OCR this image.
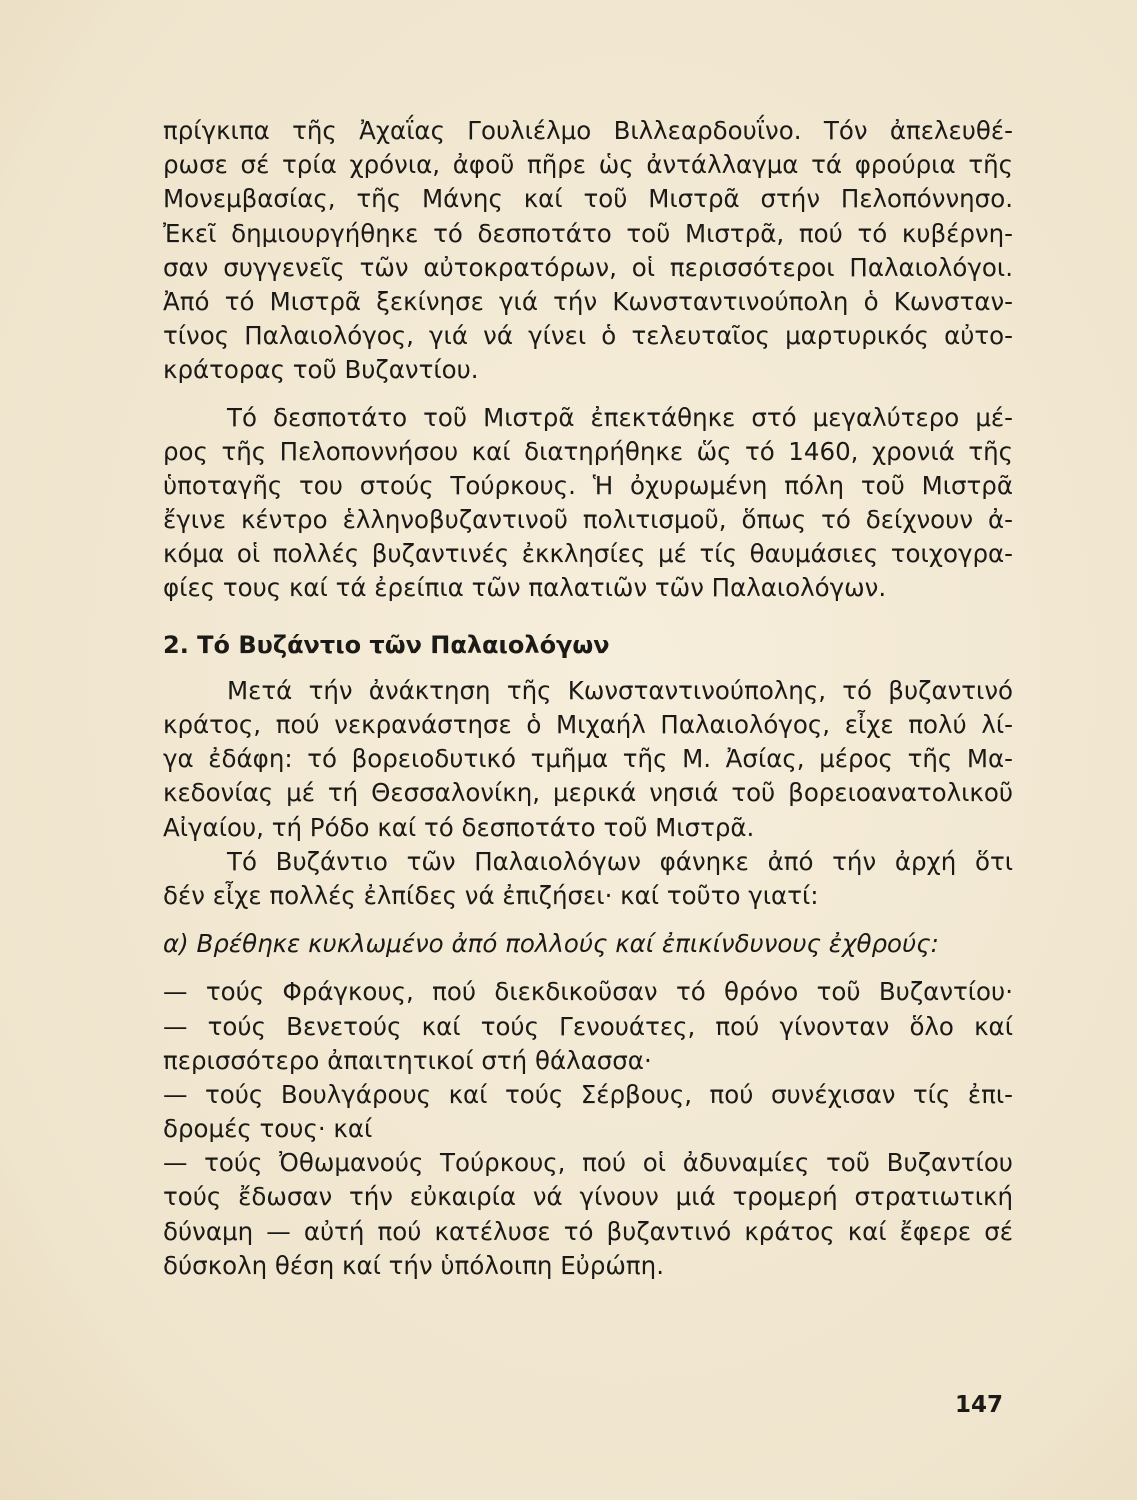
πρίγκιπα τῆς Ἀχαΐας Γουλιέλμο Βιλλεαρδουΐνο. Τόν ἀπελευθέ-
ρωσε σέ τρία χρόνια, ἀφοῦ πῆρε ὡς ἀντάλλαγμα τά φρούρια τῆς
Μονεμβασίας, τῆς Μάνης καί τοῦ Μιστρᾶ στήν Πελοπόννησο.
Ἐκεῖ δημιουργήθηκε τό δεσποτάτο τοῦ Μιστρᾶ, πού τό κυβέρνη-
σαν συγγενεῖς τῶν αὐτοκρατόρων, οἱ περισσότεροι Παλαιολόγοι.
Ἀπό τό Μιστρᾶ ξεκίνησε γιά τήν Κωνσταντινούπολη ὁ Κωνσταν-
τίνος Παλαιολόγος, γιά νά γίνει ὁ τελευταῖος μαρτυρικός αὐτο-
κράτορας τοῦ Βυζαντίου.
Τό δεσποτάτο τοῦ Μιστρᾶ ἐπεκτάθηκε στό μεγαλύτερο μέ-
ρος τῆς Πελοποννήσου καί διατηρήθηκε ὥς τό 1460, χρονιά τῆς
ὑποταγῆς του στούς Τούρκους. Ἡ ὀχυρωμένη πόλη τοῦ Μιστρᾶ
ἔγινε κέντρο ἑλληνοβυζαντινοῦ πολιτισμοῦ, ὅπως τό δείχνουν ἀ-
κόμα οἱ πολλές βυζαντινές ἐκκλησίες μέ τίς θαυμάσιες τοιχογρα-
φίες τους καί τά ἐρείπια τῶν παλατιῶν τῶν Παλαιολόγων.
2. Τό Βυζάντιο τῶν Παλαιολόγων
Μετά τήν ἀνάκτηση τῆς Κωνσταντινούπολης, τό βυζαντινό
κράτος, πού νεκρανάστησε ὁ Μιχαήλ Παλαιολόγος, εἶχε πολύ λί-
γα ἐδάφη: τό βορειοδυτικό τμῆμα τῆς Μ. Ἀσίας, μέρος τῆς Μα-
κεδονίας μέ τή Θεσσαλονίκη, μερικά νησιά τοῦ βορειοανατολικοῦ
Αἰγαίου, τή Ρόδο καί τό δεσποτάτο τοῦ Μιστρᾶ.
Τό Βυζάντιο τῶν Παλαιολόγων φάνηκε ἀπό τήν ἀρχή ὅτι
δέν εἶχε πολλές ἐλπίδες νά ἐπιζήσει· καί τοῦτο γιατί:
α) Βρέθηκε κυκλωμένο ἀπό πολλούς καί ἐπικίνδυνους ἐχθρούς:
— τούς Φράγκους, πού διεκδικοῦσαν τό θρόνο τοῦ Βυζαντίου·
— τούς Βενετούς καί τούς Γενουάτες, πού γίνονταν ὅλο καί
περισσότερο ἀπαιτητικοί στή θάλασσα·
— τούς Βουλγάρους καί τούς Σέρβους, πού συνέχισαν τίς ἐπι-
δρομές τους· καί
— τούς Ὀθωμανούς Τούρκους, πού οἱ ἀδυναμίες τοῦ Βυζαντίου
τούς ἔδωσαν τήν εὐκαιρία νά γίνουν μιά τρομερή στρατιωτική
δύναμη — αὐτή πού κατέλυσε τό βυζαντινό κράτος καί ἔφερε σέ
δύσκολη θέση καί τήν ὑπόλοιπη Εὐρώπη.
147
